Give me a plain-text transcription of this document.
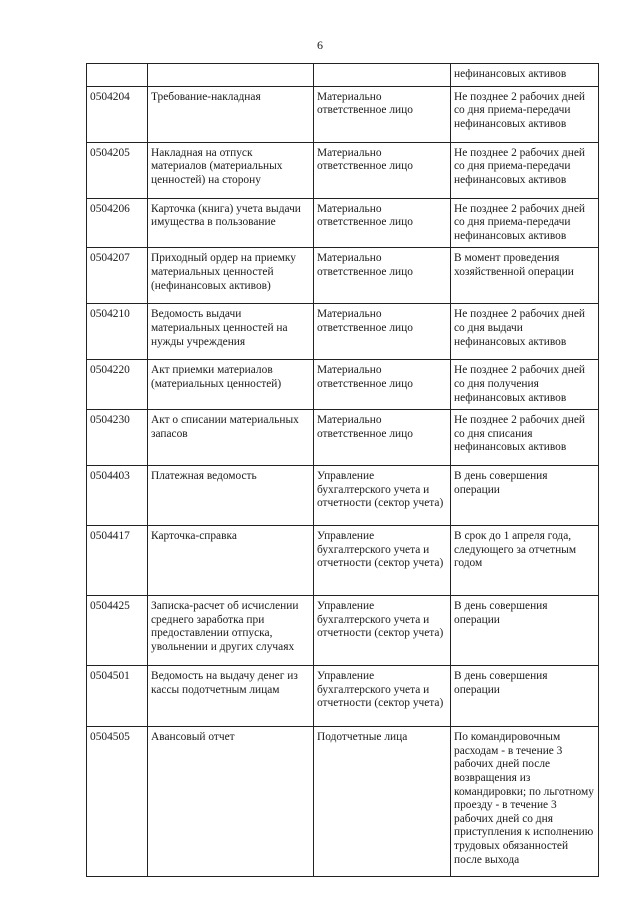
6
			нефинансовых активов
0504204	Требование-накладная	Материально ответственное лицо	Не позднее 2 рабочих дней со дня приема-передачи нефинансовых активов
0504205	Накладная на отпуск материалов (материальных ценностей) на сторону	Материально ответственное лицо	Не позднее 2 рабочих дней со дня приема-передачи нефинансовых активов
0504206	Карточка (книга) учета выдачи имущества в пользование	Материально ответственное лицо	Не позднее 2 рабочих дней со дня приема-передачи нефинансовых активов
0504207	Приходный ордер на приемку материальных ценностей (нефинансовых активов)	Материально ответственное лицо	В момент проведения хозяйственной операции
0504210	Ведомость выдачи материальных ценностей на нужды учреждения	Материально ответственное лицо	Не позднее 2 рабочих дней со дня выдачи нефинансовых активов
0504220	Акт приемки материалов (материальных ценностей)	Материально ответственное лицо	Не позднее 2 рабочих дней со дня получения нефинансовых активов
0504230	Акт о списании материальных запасов	Материально ответственное лицо	Не позднее 2 рабочих дней со дня списания нефинансовых активов
0504403	Платежная ведомость	Управление бухгалтерского учета и отчетности (сектор учета)	В день совершения операции
0504417	Карточка-справка	Управление бухгалтерского учета и отчетности (сектор учета)	В срок до 1 апреля года, следующего за отчетным годом
0504425	Записка-расчет об исчислении среднего заработка при предоставлении отпуска, увольнении и других случаях	Управление бухгалтерского учета и отчетности (сектор учета)	В день совершения операции
0504501	Ведомость на выдачу денег из кассы подотчетным лицам	Управление бухгалтерского учета и отчетности (сектор учета)	В день совершения операции
0504505	Авансовый отчет	Подотчетные лица	По командировочным расходам - в течение 3 рабочих дней после возвращения из командировки; по льготному проезду - в течение 3 рабочих дней со дня приступления к исполнению трудовых обязанностей после выхода
